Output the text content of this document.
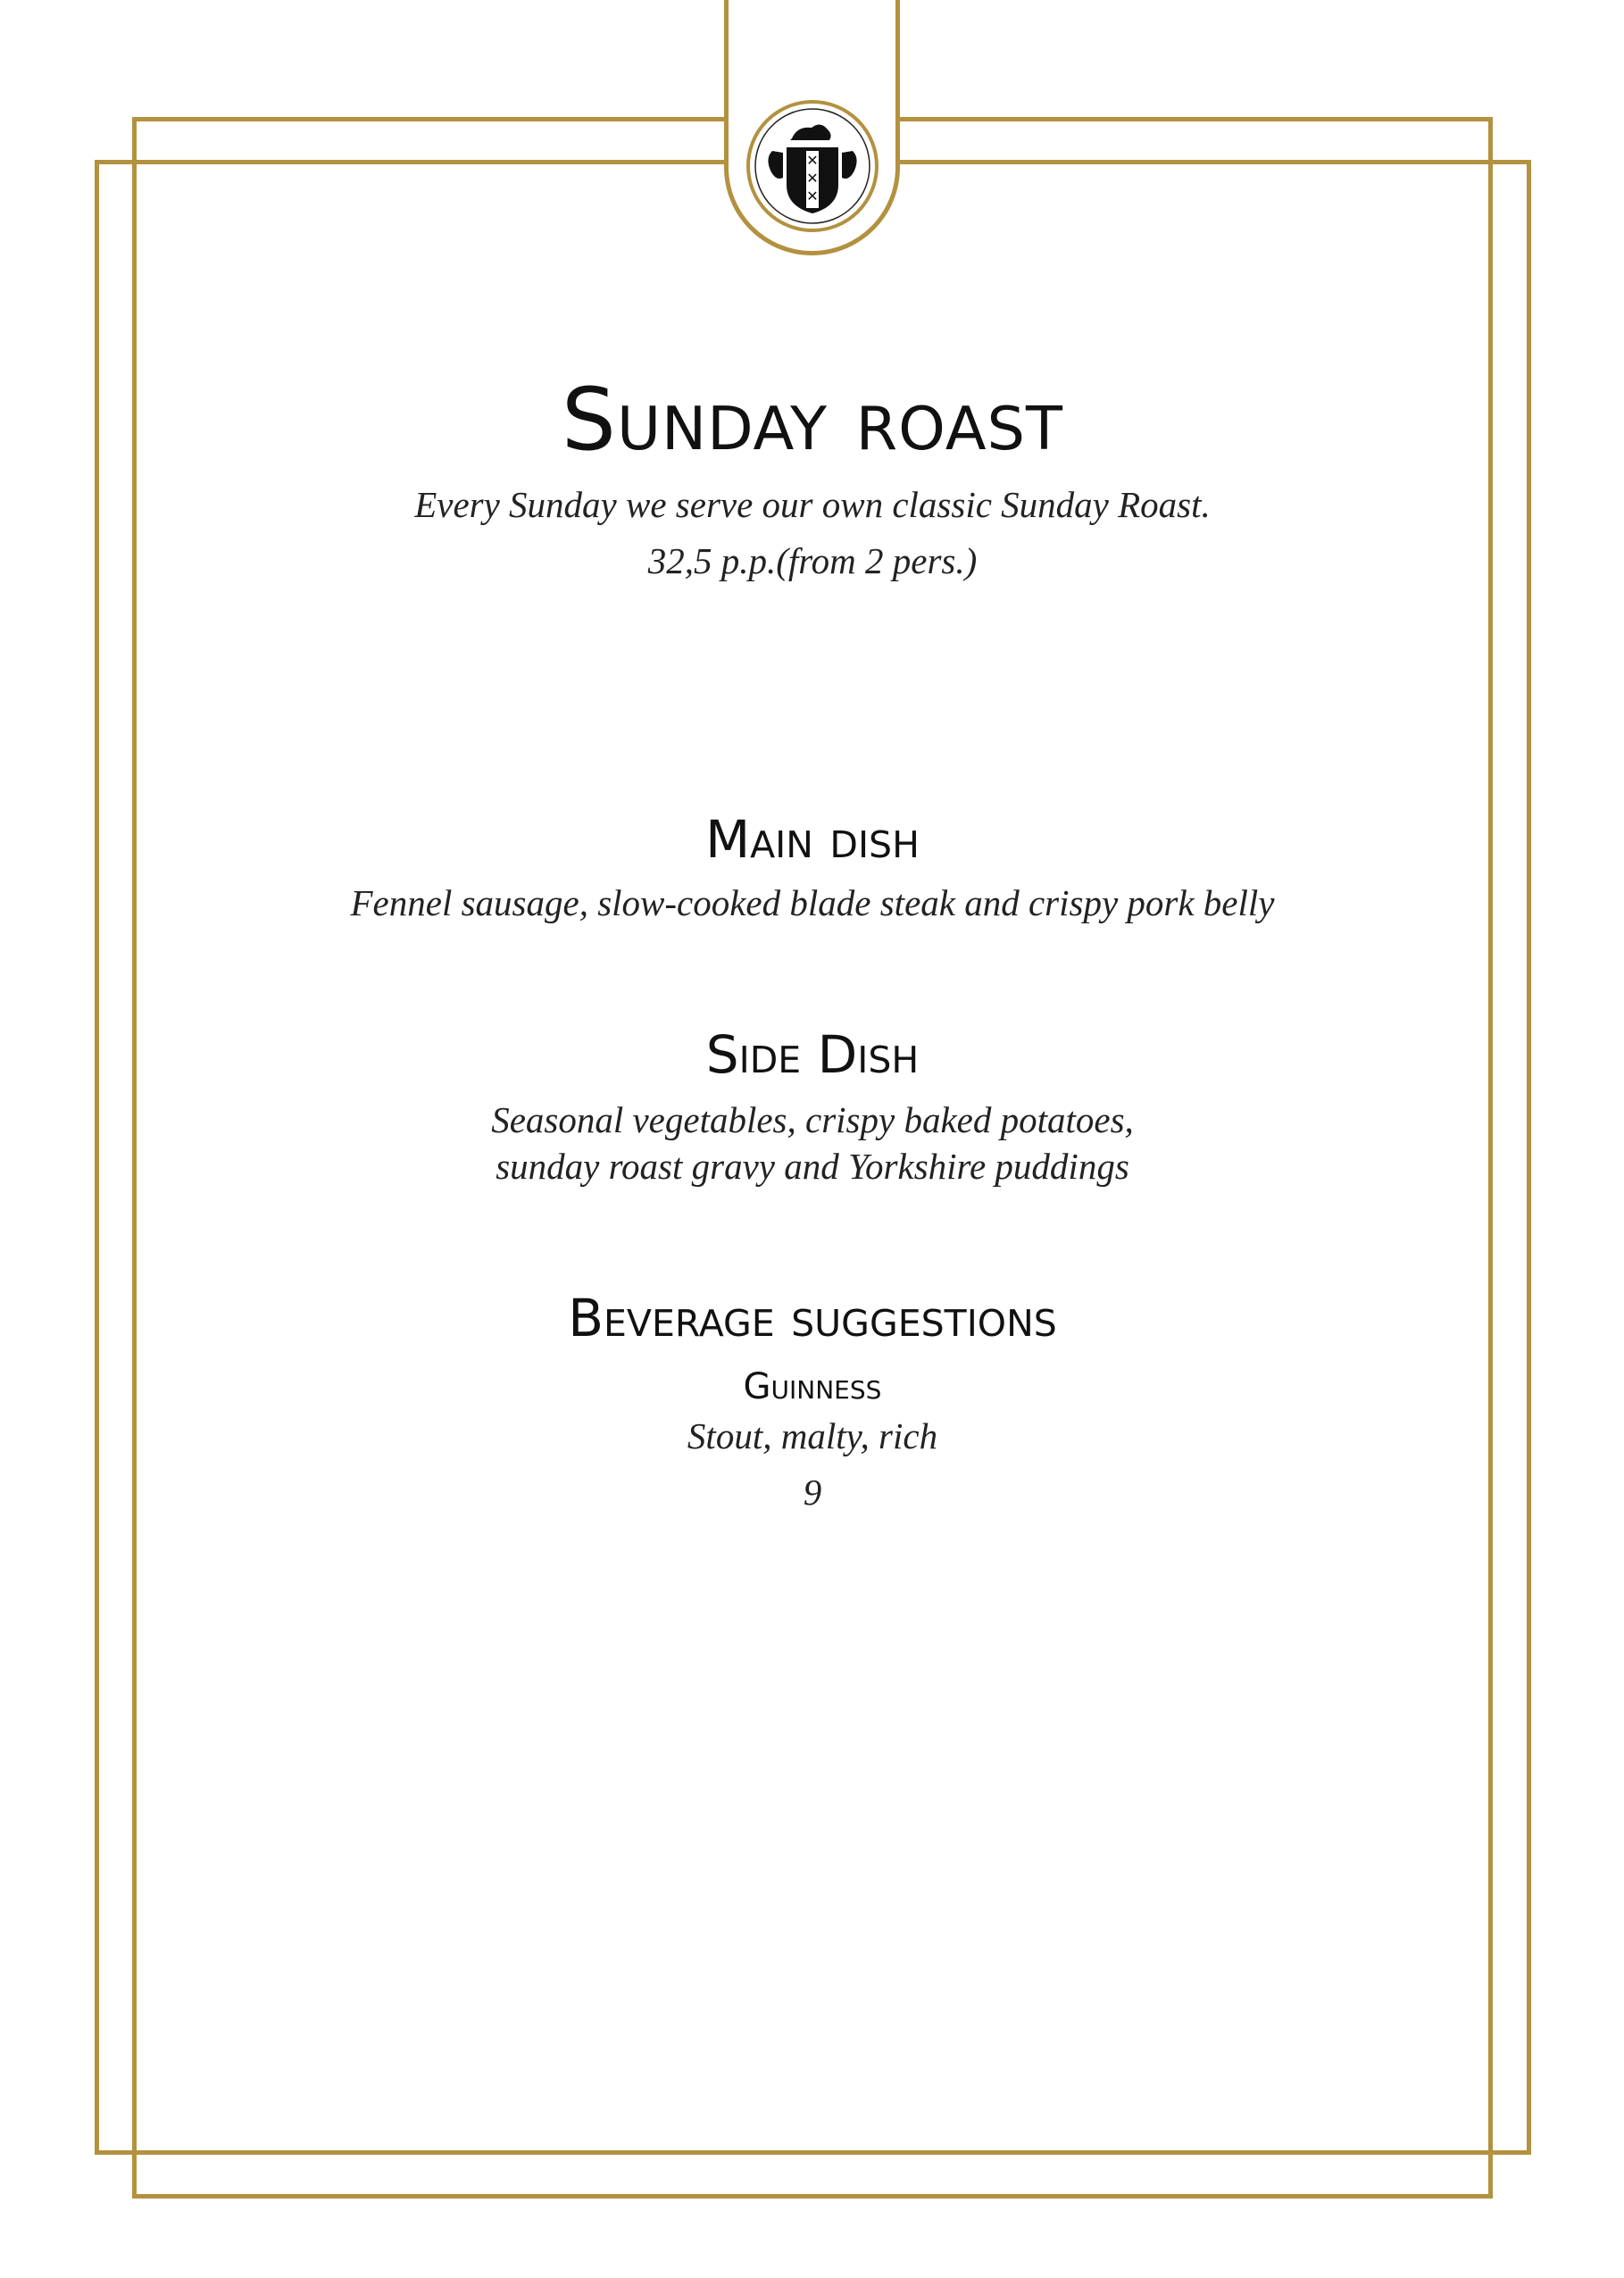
✕
✕
✕
Sunday roast

Every Sunday we serve our own classic Sunday Roast.

32,5 p.p.(from 2 pers.)

Main dish

Fennel sausage, slow-cooked blade steak and crispy pork belly

Side Dish

Seasonal vegetables, crispy baked potatoes,

sunday roast gravy and Yorkshire puddings

Beverage suggestions

Guinness

Stout, malty, rich

9
